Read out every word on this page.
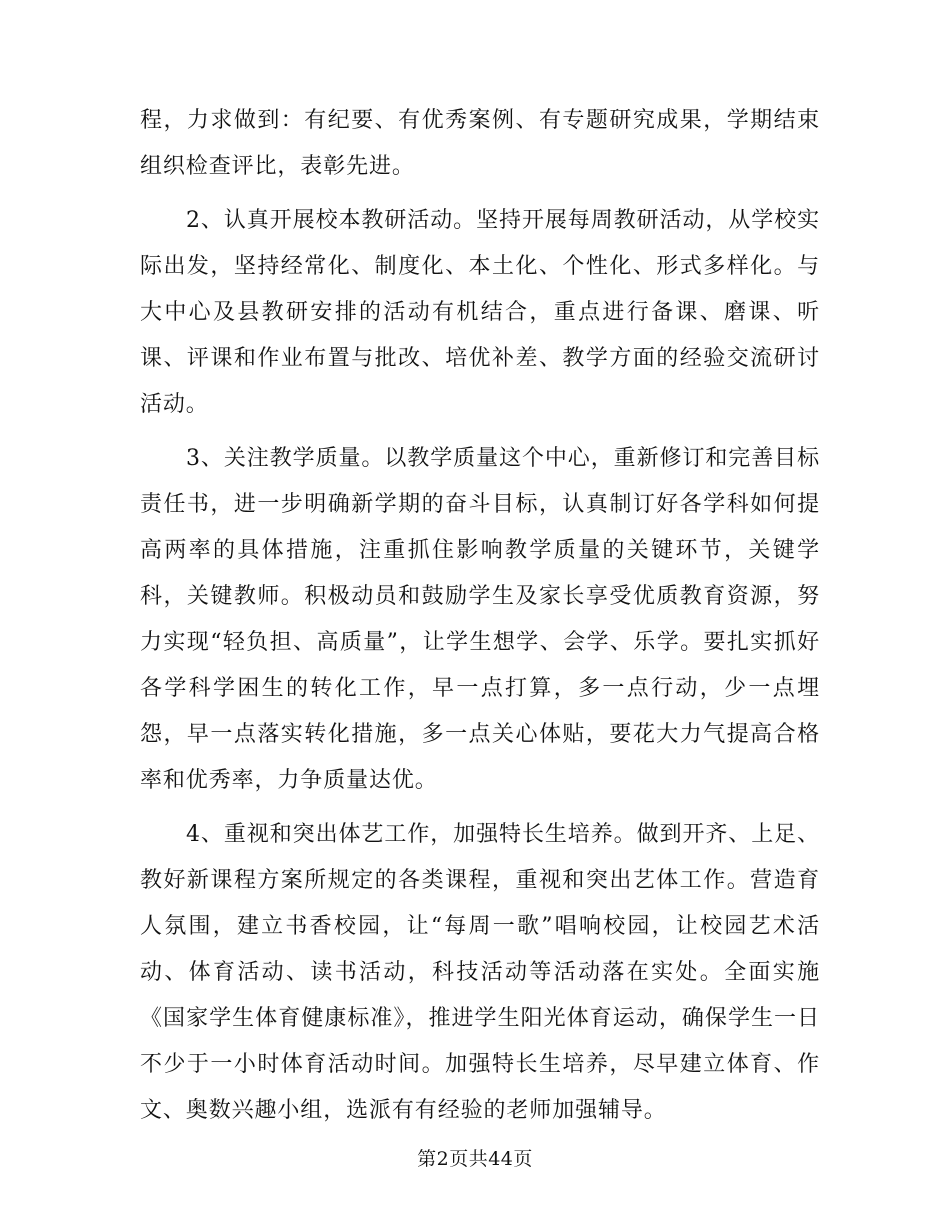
程，力求做到：有纪要、有优秀案例、有专题研究成果，学期结束组织检查评比，表彰先进。

2、认真开展校本教研活动。坚持开展每周教研活动，从学校实际出发，坚持经常化、制度化、本土化、个性化、形式多样化。与大中心及县教研安排的活动有机结合，重点进行备课、磨课、听课、评课和作业布置与批改、培优补差、教学方面的经验交流研讨活动。

3、关注教学质量。以教学质量这个中心，重新修订和完善目标责任书，进一步明确新学期的奋斗目标，认真制订好各学科如何提高两率的具体措施，注重抓住影响教学质量的关键环节，关键学科，关键教师。积极动员和鼓励学生及家长享受优质教育资源，努力实现“轻负担、高质量”，让学生想学、会学、乐学。要扎实抓好各学科学困生的转化工作，早一点打算，多一点行动，少一点埋怨，早一点落实转化措施，多一点关心体贴，要花大力气提高合格率和优秀率，力争质量达优。

4、重视和突出体艺工作，加强特长生培养。做到开齐、上足、教好新课程方案所规定的各类课程，重视和突出艺体工作。营造育人氛围，建立书香校园，让“每周一歌”唱响校园，让校园艺术活动、体育活动、读书活动，科技活动等活动落在实处。全面实施《国家学生体育健康标准》，推进学生阳光体育运动，确保学生一日不少于一小时体育活动时间。加强特长生培养，尽早建立体育、作文、奥数兴趣小组，选派有有经验的老师加强辅导。

第2页共44页
